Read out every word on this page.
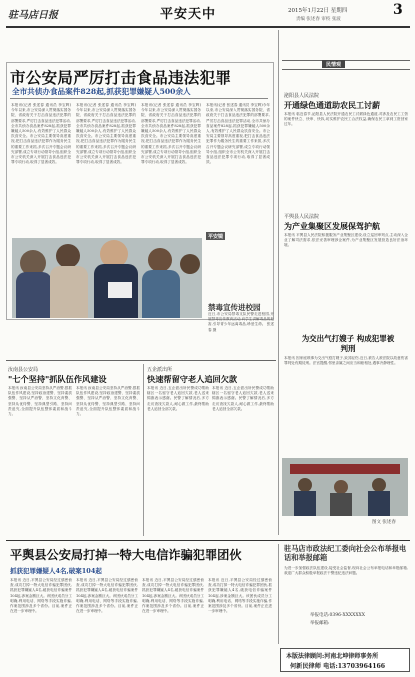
驻马店日报	平安天中	2015年1月22日 星期四	3
责编 张述春 审校 张波
市公安局严厉打击食品违法犯罪
全市共侦办食品案件828起,抓获犯罪嫌疑人500余人
本报讯(记者 张述春 通讯员 李宝辉)今年以来,市公安局深入贯彻落实国务院、省政府关于打击食品违法犯罪的部署要求,严厉打击食品违法犯罪活动,全市共侦办食品案件828起,抓获犯罪嫌疑人500余人,有效维护了人民群众饮食安全。市公安局主要领导高度重视,把打击食品违法犯罪作为服务民生的重要工作来抓,多次召开专题会议研究部署,成立专项行动领导小组,组织全市公安机关深入开展打击食品违法犯罪专项行动,取得了显著成效。
本报讯(记者 张述春 通讯员 李宝辉)今年以来,市公安局深入贯彻落实国务院、省政府关于打击食品违法犯罪的部署要求,严厉打击食品违法犯罪活动,全市共侦办食品案件828起,抓获犯罪嫌疑人500余人,有效维护了人民群众饮食安全。市公安局主要领导高度重视,把打击食品违法犯罪作为服务民生的重要工作来抓,多次召开专题会议研究部署,成立专项行动领导小组,组织全市公安机关深入开展打击食品违法犯罪专项行动,取得了显著成效。
本报讯(记者 张述春 通讯员 李宝辉)今年以来,市公安局深入贯彻落实国务院、省政府关于打击食品违法犯罪的部署要求,严厉打击食品违法犯罪活动,全市共侦办食品案件828起,抓获犯罪嫌疑人500余人,有效维护了人民群众饮食安全。市公安局主要领导高度重视,把打击食品违法犯罪作为服务民生的重要工作来抓,多次召开专题会议研究部署,成立专项行动领导小组,组织全市公安机关深入开展打击食品违法犯罪专项行动,取得了显著成效。
本报讯(记者 张述春 通讯员 李宝辉)今年以来,市公安局深入贯彻落实国务院、省政府关于打击食品违法犯罪的部署要求,严厉打击食品违法犯罪活动,全市共侦办食品案件828起,抓获犯罪嫌疑人500余人,有效维护了人民群众饮食安全。市公安局主要领导高度重视,把打击食品违法犯罪作为服务民生的重要工作来抓,多次召开专题会议研究部署,成立专项行动领导小组,组织全市公安机关深入开展打击食品违法犯罪专项行动,取得了显著成效。
平安镜
禁毒宣传进校园
近日,市公安局禁毒支队民警走进校园,开展禁毒宣传教育活动,向学生讲解毒品的危害,引导青少年远离毒品,珍爱生命。 张述春 摄
民情观
泌阳县人民法院
开通绿色通道助农民工讨薪
本报讯 临近春节,泌阳县人民法院开通农民工讨薪绿色通道,对涉及农民工工资的案件快立、快审、快执,切实维护农民工合法权益,确保农民工拿到工资回家过年。
平舆县人民法院
为产业集聚区发展保驾护航
本报讯 平舆县人民法院积极服务产业集聚区建设,设立巡回审判点,主动深入企业了解司法需求,依法妥善审理涉企案件,为产业集聚区发展营造良好法治环境。
为交出气打嫂子 构成犯罪被判刑
本报讯 因家庭琐事为交出气殴打嫂子,致其轻伤,近日,被告人被法院以故意伤害罪判处有期徒刑。法官提醒,邻里亲属之间应当和睦相处,遇事冷静理性。
图文 张述春
汝南县公安局
"七个坚持"抓队伍作风建设
本报讯 汝南县公安局坚持从严治警,狠抓队伍作风建设,坚持政治建警、坚持素质强警、坚持从严治警、坚持文化育警、坚持从优待警、坚持典型引路、坚持问责追究,全面提升队伍整体素质和战斗力。
本报讯 汝南县公安局坚持从严治警,狠抓队伍作风建设,坚持政治建警、坚持素质强警、坚持从严治警、坚持文化育警、坚持从优待警、坚持典型引路、坚持问责追究,全面提升队伍整体素质和战斗力。
五企派出所
快速帮留守老人追回欠款
本报讯 近日,五企派出所民警成功帮助辖区一名留守老人追回欠款,老人送来锦旗表示感谢。民警了解情况后,多方走访查找欠款人,耐心做工作,最终帮助老人追回全部欠款。
本报讯 近日,五企派出所民警成功帮助辖区一名留守老人追回欠款,老人送来锦旗表示感谢。民警了解情况后,多方走访查找欠款人,耐心做工作,最终帮助老人追回全部欠款。
平舆县公安局打掉一特大电信诈骗犯罪团伙
抓获犯罪嫌疑人4名,破案104起
本报讯 近日,平舆县公安局经过缜密侦查,成功打掉一特大电信诈骗犯罪团伙,抓获犯罪嫌疑人4名,破获电信诈骗案件104起,涉案金额巨大。该团伙成员分工明确,利用电话、网络等手段实施诈骗,作案范围涉及多个省份。目前,案件正在进一步审理中。
本报讯 近日,平舆县公安局经过缜密侦查,成功打掉一特大电信诈骗犯罪团伙,抓获犯罪嫌疑人4名,破获电信诈骗案件104起,涉案金额巨大。该团伙成员分工明确,利用电话、网络等手段实施诈骗,作案范围涉及多个省份。目前,案件正在进一步审理中。
本报讯 近日,平舆县公安局经过缜密侦查,成功打掉一特大电信诈骗犯罪团伙,抓获犯罪嫌疑人4名,破获电信诈骗案件104起,涉案金额巨大。该团伙成员分工明确,利用电话、网络等手段实施诈骗,作案范围涉及多个省份。目前,案件正在进一步审理中。
本报讯 近日,平舆县公安局经过缜密侦查,成功打掉一特大电信诈骗犯罪团伙,抓获犯罪嫌疑人4名,破获电信诈骗案件104起,涉案金额巨大。该团伙成员分工明确,利用电话、网络等手段实施诈骗,作案范围涉及多个省份。目前,案件正在进一步审理中。
驻马店市政法纪工委向社会公布举报电话和举报邮箱
为进一步加强政法队伍建设,接受社会监督,现向社会公布举报电话和举报邮箱,欢迎广大群众积极举报政法干警违纪违法问题。
举报电话:0396-XXXXXXX
举报邮箱:
本版法律顾问:河南北坤律师事务所
何新民律师 电话:13703964166
